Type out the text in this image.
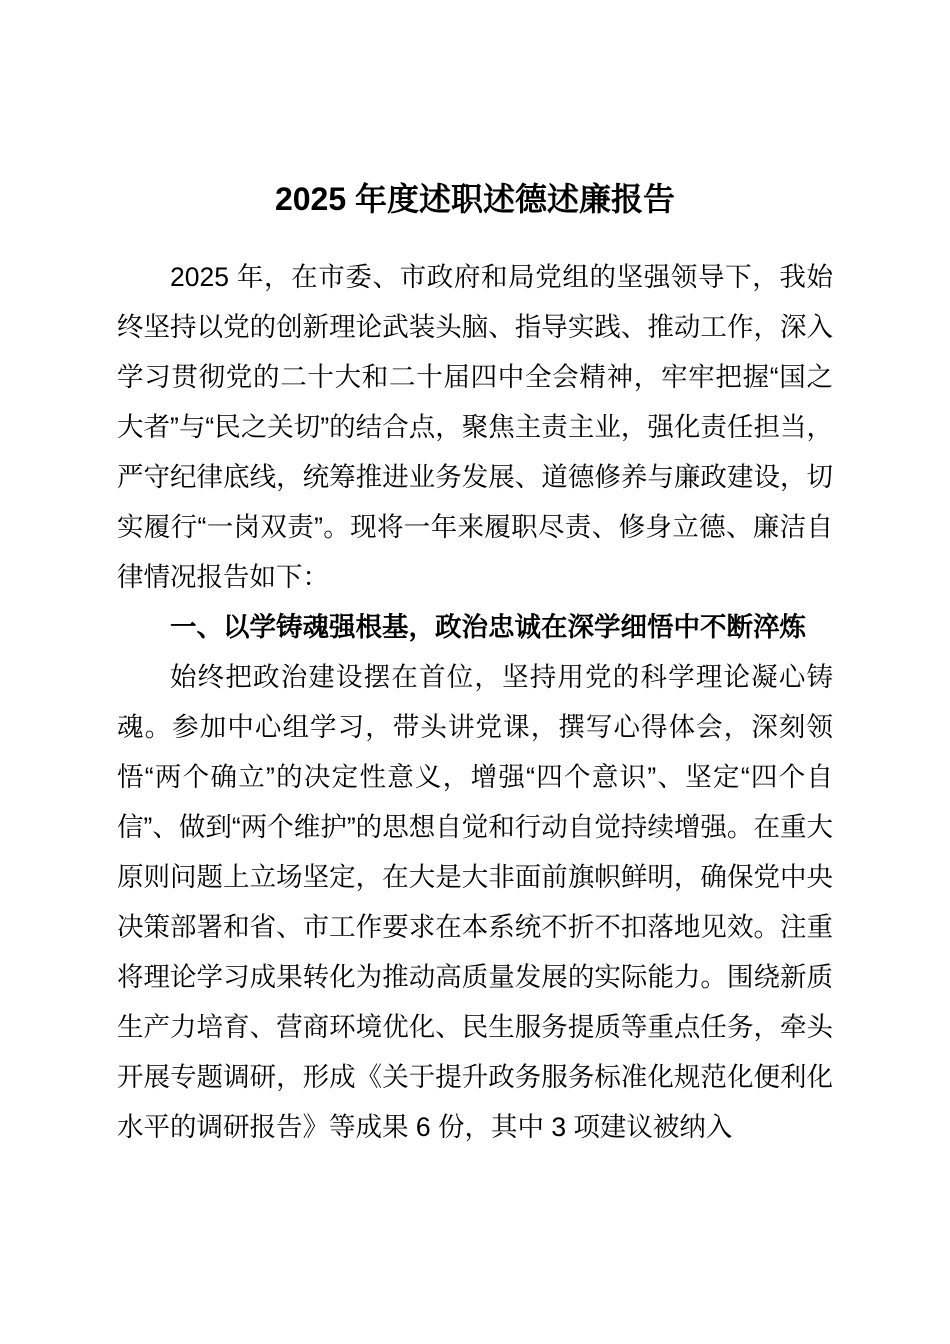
2025 年度述职述德述廉报告

2025 年，在市委、市政府和局党组的坚强领导下，我始终坚持以党的创新理论武装头脑、指导实践、推动工作，深入学习贯彻党的二十大和二十届四中全会精神，牢牢把握“国之大者”与“民之关切”的结合点，聚焦主责主业，强化责任担当，严守纪律底线，统筹推进业务发展、道德修养与廉政建设，切实履行“一岗双责”。现将一年来履职尽责、修身立德、廉洁自律情况报告如下：

一、以学铸魂强根基，政治忠诚在深学细悟中不断淬炼

始终把政治建设摆在首位，坚持用党的科学理论凝心铸魂。参加中心组学习，带头讲党课，撰写心得体会，深刻领悟“两个确立”的决定性意义，增强“四个意识”、坚定“四个自信”、做到“两个维护”的思想自觉和行动自觉持续增强。在重大原则问题上立场坚定，在大是大非面前旗帜鲜明，确保党中央决策部署和省、市工作要求在本系统不折不扣落地见效。注重将理论学习成果转化为推动高质量发展的实际能力。围绕新质生产力培育、营商环境优化、民生服务提质等重点任务，牵头开展专题调研，形成《关于提升政务服务标准化规范化便利化水平的调研报告》等成果 6 份，其中 3 项建议被纳入
